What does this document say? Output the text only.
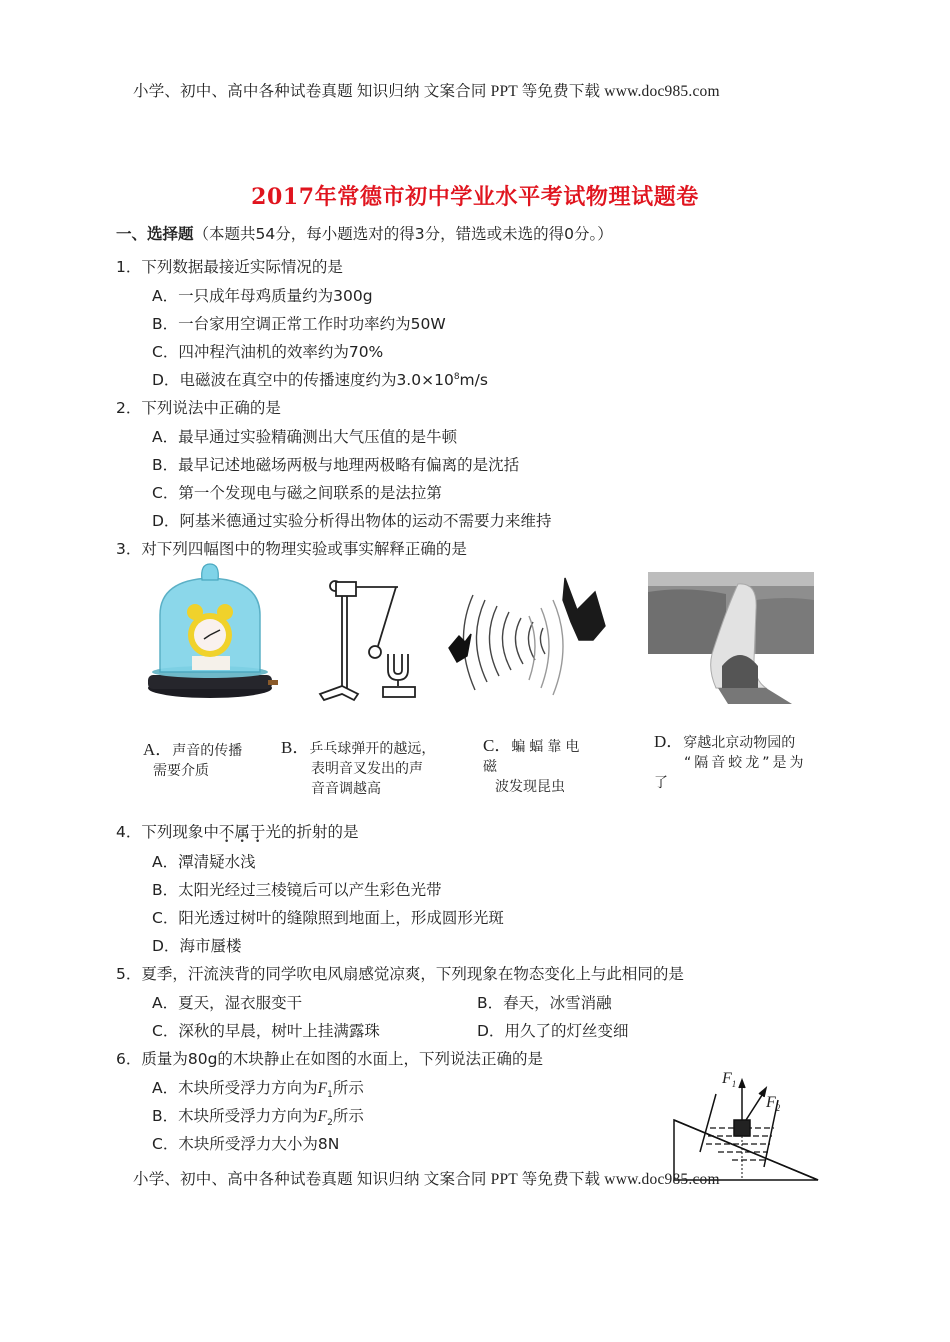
小学、初中、高中各种试卷真题 知识归纳 文案合同 PPT 等免费下载 www.doc985.com
2017年常德市初中学业水平考试物理试题卷
一、选择题（本题共54分，每小题选对的得3分，错选或未选的得0分。）
1．下列数据最接近实际情况的是
A．一只成年母鸡质量约为300g
B．一台家用空调正常工作时功率约为50W
C．四冲程汽油机的效率约为70%
D．电磁波在真空中的传播速度约为$3.0\times 10^8m/s$
2．下列说法中正确的是
A．最早通过实验精确测出大气压值的是牛顿
B．最早记述地磁场两极与地理两极略有偏离的是沈括
C．第一个发现电与磁之间联系的是法拉第
D．阿基米德通过实验分析得出物体的运动不需要力来维持
3．对下列四幅图中的物理实验或事实解释正确的是
A．声音的传播
需要介质
B．乒乓球弹开的越远，
表明音叉发出的声
音音调越高
C．蝙蝠靠电
磁
波发现昆虫
D．穿越北京动物园的
“隔音蛟龙”是为
了
4．下列现象中不属于光的折射的是
A．潭清疑水浅
B．太阳光经过三棱镜后可以产生彩色光带
C．阳光透过树叶的缝隙照到地面上，形成圆形光斑
D．海市蜃楼
5．夏季，汗流浃背的同学吹电风扇感觉凉爽，下列现象在物态变化上与此相同的是
A．夏天，湿衣服变干	B．春天，冰雪消融
C．深秋的早晨，树叶上挂满露珠	D．用久了的灯丝变细
6．质量为80g的木块静止在如图的水面上，下列说法正确的是
A．木块所受浮力方向为$F_1$所示
B．木块所受浮力方向为$F_2$所示
C．木块所受浮力大小为8N
$F_1$
$F_2$
小学、初中、高中各种试卷真题 知识归纳 文案合同 PPT 等免费下载 www.doc985.com
